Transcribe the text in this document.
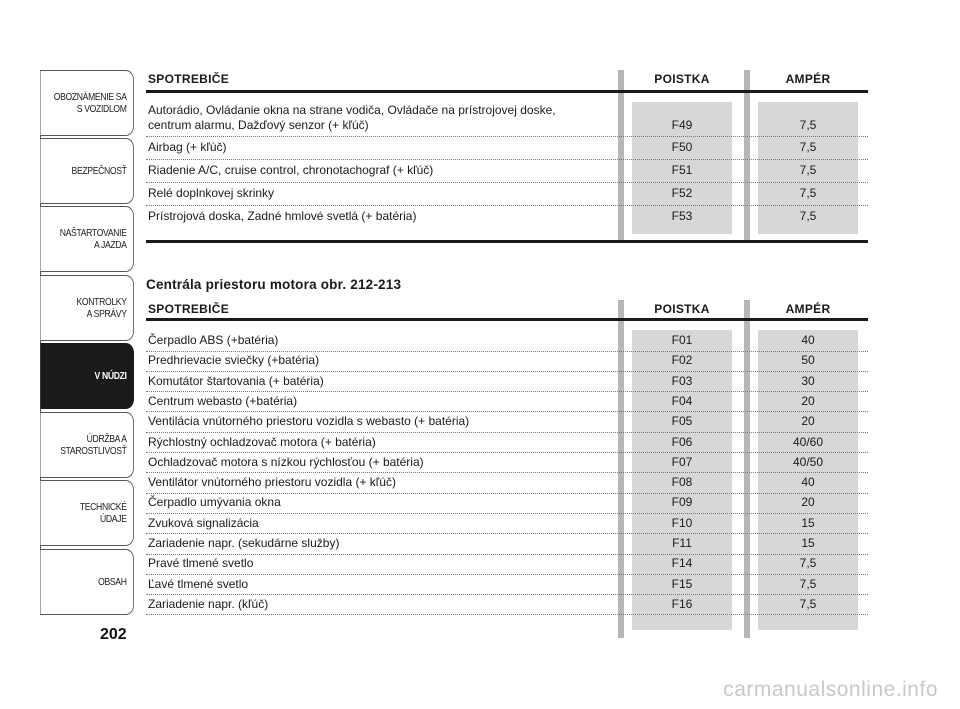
OBOZNÁMENIE SA
S VOZIDLOM
BEZPEČNOSŤ
NAŠTARTOVANIE
A JAZDA
KONTROLKY
A SPRÁVY
V NÚDZI
ÚDRŽBA A
STAROSTLIVOSŤ
TECHNICKÉ
ÚDAJE
OBSAH
202
SPOTREBIČE	POISTKA	AMPÉR
Autorádio, Ovládanie okna na strane vodiča, Ovládače na prístrojovej doske,
centrum alarmu, Dažďový senzor (+ kľúč)	F49	7,5
Airbag (+ kľúč)	F50	7,5
Riadenie A/C, cruise control, chronotachograf (+ kľúč)	F51	7,5
Relé doplnkovej skrinky	F52	7,5
Prístrojová doska, Zadné hmlové svetlá (+ batéria)	F53	7,5
Centrála priestoru motora obr. 212-213
SPOTREBIČE	POISTKA	AMPÉR
Čerpadlo ABS (+batéria)	F01	40
Predhrievacie sviečky (+batéria)	F02	50
Komutátor štartovania (+ batéria)	F03	30
Centrum webasto (+batéria)	F04	20
Ventilácia vnútorného priestoru vozidla s webasto (+ batéria)	F05	20
Rýchlostný ochladzovač motora (+ batéria)	F06	40/60
Ochladzovač motora s nízkou rýchlosťou (+ batéria)	F07	40/50
Ventilátor vnútorného priestoru vozidla (+ kľúč)	F08	40
Čerpadlo umývania okna	F09	20
Zvuková signalizácia	F10	15
Zariadenie napr. (sekudárne služby)	F11	15
Pravé tlmené svetlo	F14	7,5
Ľavé tlmené svetlo	F15	7,5
Zariadenie napr. (kľúč)	F16	7,5
carmanualsonline.info
